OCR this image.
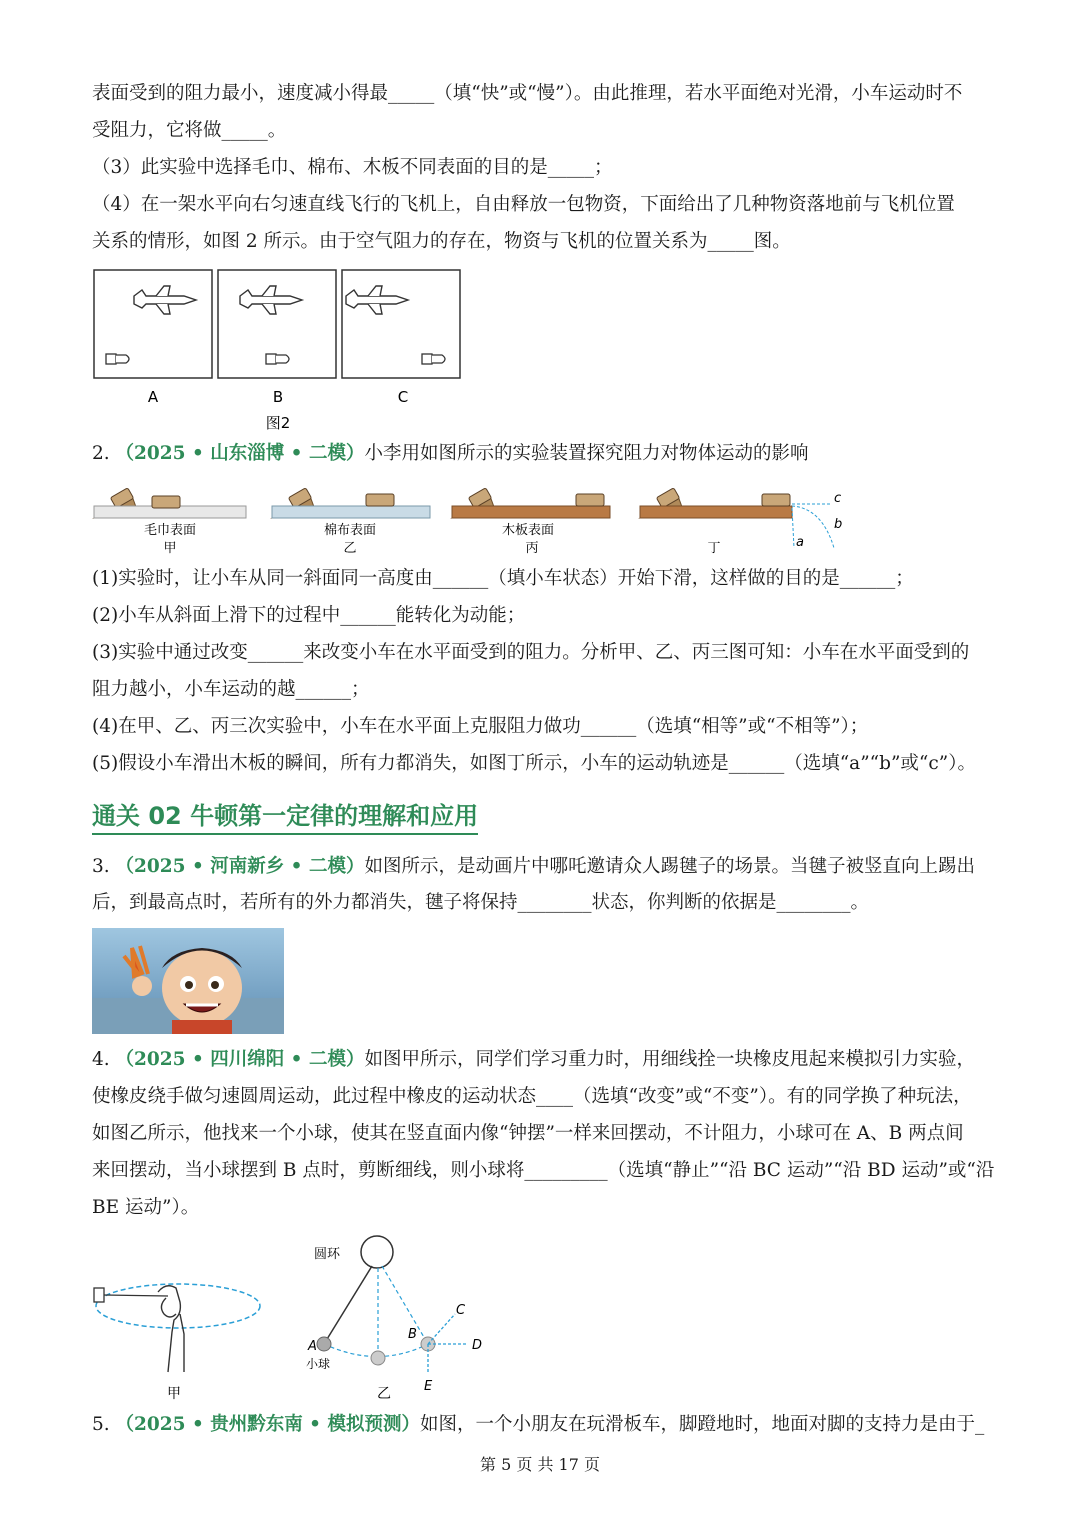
表面受到的阻力最小，速度减小得最_____（填“快”或“慢”）。由此推理，若水平面绝对光滑，小车运动时不
受阻力，它将做_____。
（3）此实验中选择毛巾、棉布、木板不同表面的目的是_____；
（4）在一架水平向右匀速直线飞行的飞机上，自由释放一包物资，下面给出了几种物资落地前与飞机位置
关系的情形，如图 2 所示。由于空气阻力的存在，物资与飞机的位置关系为_____图。
A	B	C
图2
2. （2025 • 山东淄博 • 二模）小李用如图所示的实验装置探究阻力对物体运动的影响
毛巾表面
甲
棉布表面
乙
木板表面
丙	a
b
c
丁
(1)实验时，让小车从同一斜面同一高度由______（填小车状态）开始下滑，这样做的目的是______；
(2)小车从斜面上滑下的过程中______能转化为动能；
(3)实验中通过改变______来改变小车在水平面受到的阻力。分析甲、乙、丙三图可知：小车在水平面受到的
阻力越小，小车运动的越______；
(4)在甲、乙、丙三次实验中，小车在水平面上克服阻力做功______（选填“相等”或“不相等”）；
(5)假设小车滑出木板的瞬间，所有力都消失，如图丁所示，小车的运动轨迹是______（选填“a”“b”或“c”）。
通关 02 牛顿第一定律的理解和应用
3. （2025 • 河南新乡 • 二模）如图所示，是动画片中哪吒邀请众人踢毽子的场景。当毽子被竖直向上踢出
后，到最高点时，若所有的外力都消失，毽子将保持________状态，你判断的依据是________。
4. （2025 • 四川绵阳 • 二模）如图甲所示，同学们学习重力时，用细线拴一块橡皮甩起来模拟引力实验，
使橡皮绕手做匀速圆周运动，此过程中橡皮的运动状态____（选填“改变”或“不变”）。有的同学换了种玩法，
如图乙所示，他找来一个小球，使其在竖直面内像“钟摆”一样来回摆动，不计阻力，小球可在 A、B 两点间
来回摆动，当小球摆到 B 点时，剪断细线，则小球将_________（选填“静止”“沿 BC 运动”“沿 BD 运动”或“沿
BE 运动”）。
甲
圆环
A
小球
B
C
D
E
乙
5. （2025 • 贵州黔东南 • 模拟预测）如图，一个小朋友在玩滑板车，脚蹬地时，地面对脚的支持力是由于_
第 5 页 共 17 页
